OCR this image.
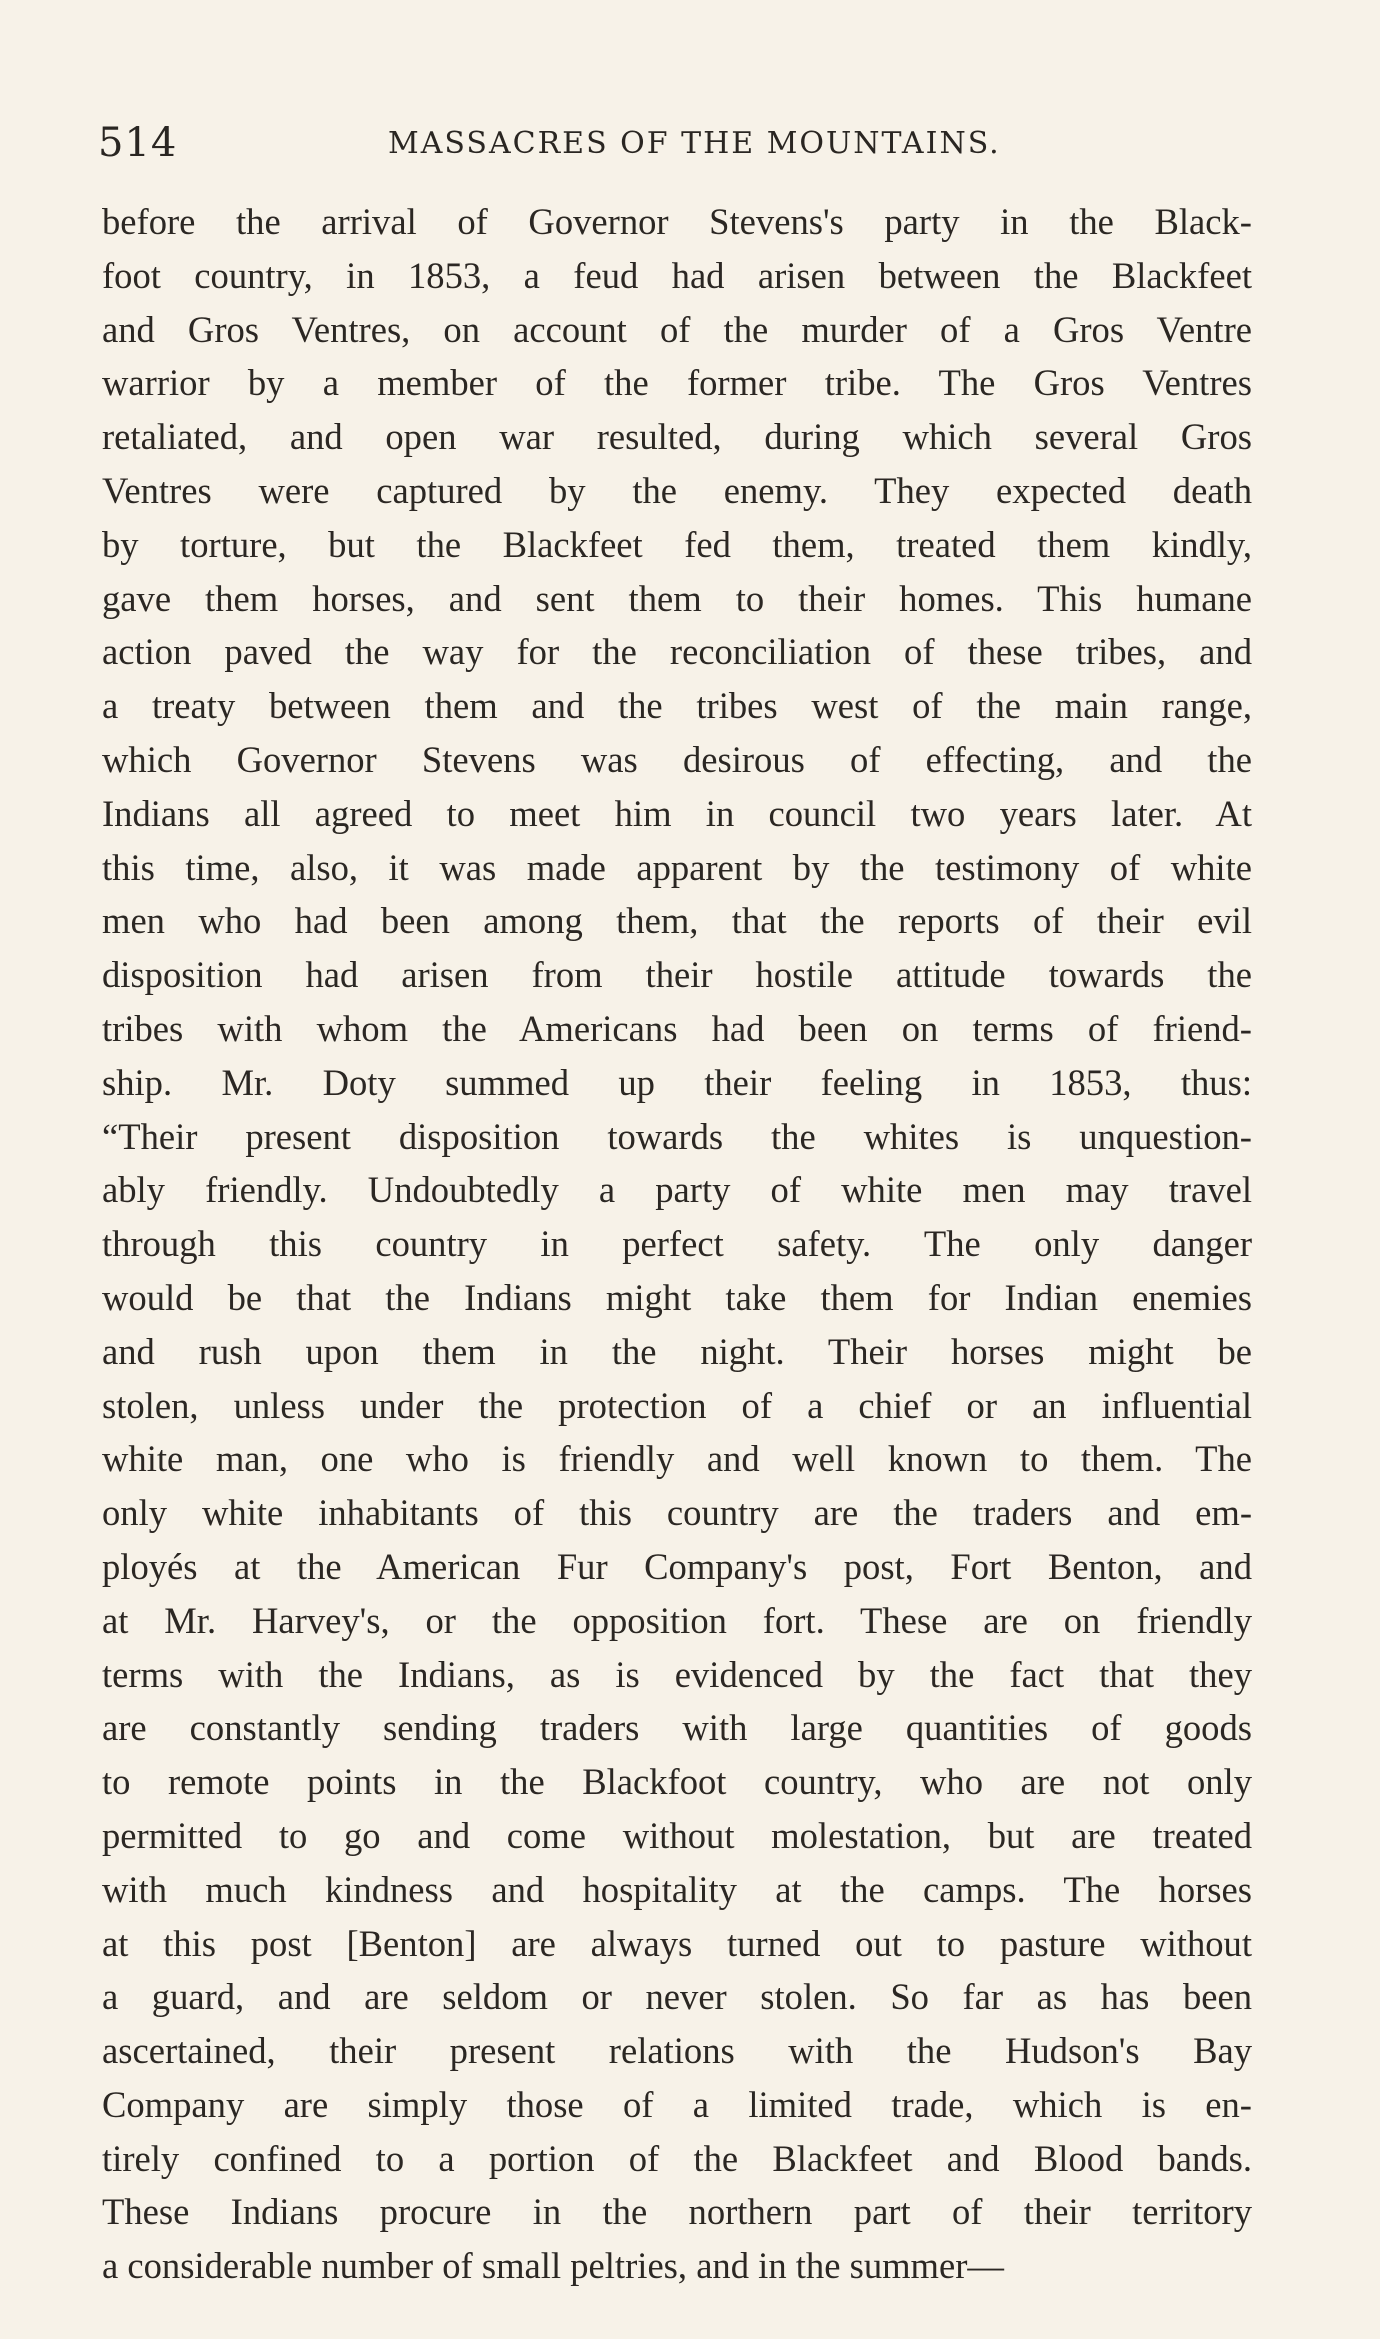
514	MASSACRES OF THE MOUNTAINS.
before the arrival of Governor Stevens's party in the Black-
foot country, in 1853, a feud had arisen between the Blackfeet
and Gros Ventres, on account of the murder of a Gros Ventre
warrior by a member of the former tribe. The Gros Ventres
retaliated, and open war resulted, during which several Gros
Ventres were captured by the enemy. They expected death
by torture, but the Blackfeet fed them, treated them kindly,
gave them horses, and sent them to their homes. This humane
action paved the way for the reconciliation of these tribes, and
a treaty between them and the tribes west of the main range,
which Governor Stevens was desirous of effecting, and the
Indians all agreed to meet him in council two years later. At
this time, also, it was made apparent by the testimony of white
men who had been among them, that the reports of their evil
disposition had arisen from their hostile attitude towards the
tribes with whom the Americans had been on terms of friend-
ship. Mr. Doty summed up their feeling in 1853, thus:
“Their present disposition towards the whites is unquestion-
ably friendly. Undoubtedly a party of white men may travel
through this country in perfect safety. The only danger
would be that the Indians might take them for Indian enemies
and rush upon them in the night. Their horses might be
stolen, unless under the protection of a chief or an influential
white man, one who is friendly and well known to them. The
only white inhabitants of this country are the traders and em-
ployés at the American Fur Company's post, Fort Benton, and
at Mr. Harvey's, or the opposition fort. These are on friendly
terms with the Indians, as is evidenced by the fact that they
are constantly sending traders with large quantities of goods
to remote points in the Blackfoot country, who are not only
permitted to go and come without molestation, but are treated
with much kindness and hospitality at the camps. The horses
at this post [Benton] are always turned out to pasture without
a guard, and are seldom or never stolen. So far as has been
ascertained, their present relations with the Hudson's Bay
Company are simply those of a limited trade, which is en-
tirely confined to a portion of the Blackfeet and Blood bands.
These Indians procure in the northern part of their territory
a considerable number of small peltries, and in the summer—
